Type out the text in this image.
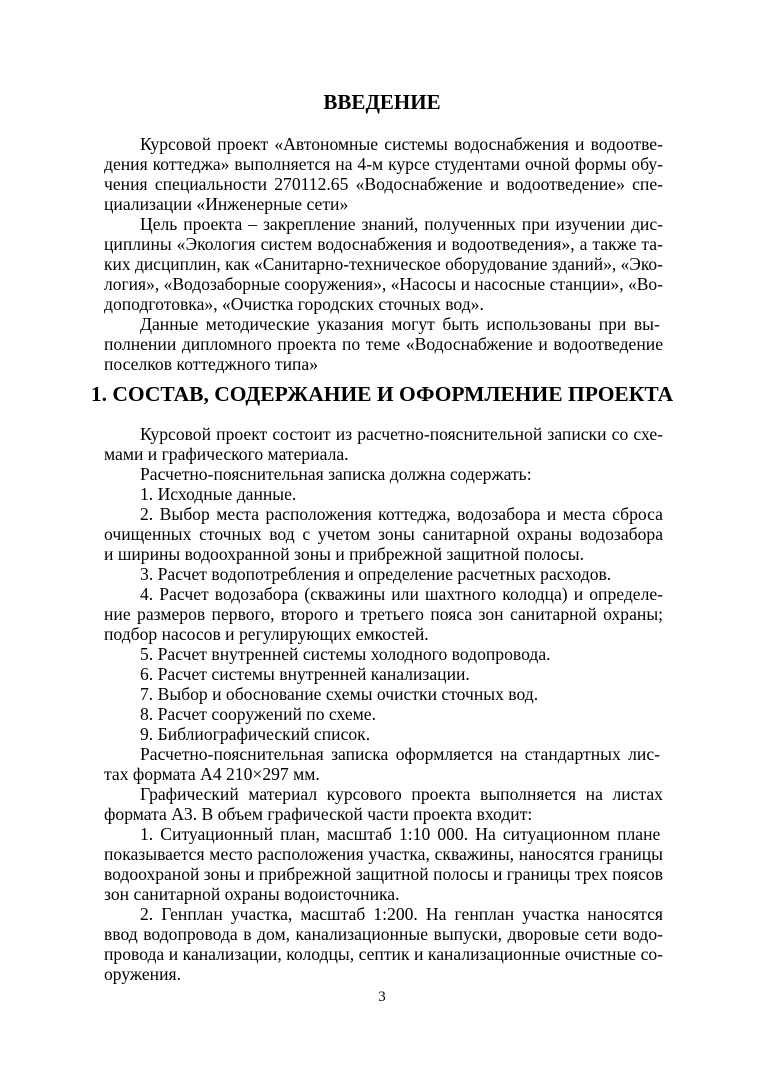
ВВЕДЕНИЕ
Курсовой проект «Автономные системы водоснабжения и водоотве-
дения коттеджа» выполняется на 4-м курсе студентами очной формы обу-
чения специальности 270112.65 «Водоснабжение и водоотведение» спе-
циализации «Инженерные сети»
Цель проекта – закрепление знаний, полученных при изучении дис-
циплины «Экология систем водоснабжения и водоотведения», а также та-
ких дисциплин, как «Санитарно-техническое оборудование зданий», «Эко-
логия», «Водозаборные сооружения», «Насосы и насосные станции», «Во-
доподготовка», «Очистка городских сточных вод».
Данные методические указания могут быть использованы при вы-
полнении дипломного проекта по теме «Водоснабжение и водоотведение
поселков коттеджного типа»
1. СОСТАВ, СОДЕРЖАНИЕ И ОФОРМЛЕНИЕ ПРОЕКТА
Курсовой проект состоит из расчетно-пояснительной записки со схе-
мами и графического материала.
Расчетно-пояснительная записка должна содержать:
1. Исходные данные.
2. Выбор места расположения коттеджа, водозабора и места сброса
очищенных сточных вод с учетом зоны санитарной охраны водозабора
и ширины водоохранной зоны и прибрежной защитной полосы.
3. Расчет водопотребления и определение расчетных расходов.
4. Расчет водозабора (скважины или шахтного колодца) и определе-
ние размеров первого, второго и третьего пояса зон санитарной охраны;
подбор насосов и регулирующих емкостей.
5. Расчет внутренней системы холодного водопровода.
6. Расчет системы внутренней канализации.
7. Выбор и обоснование схемы очистки сточных вод.
8. Расчет сооружений по схеме.
9. Библиографический список.
Расчетно-пояснительная записка оформляется на стандартных лис-
тах формата А4 210×297 мм.
Графический материал курсового проекта выполняется на листах
формата А3. В объем графической части проекта входит:
1. Ситуационный план, масштаб 1:10 000. На ситуационном плане
показывается место расположения участка, скважины, наносятся границы
водоохраной зоны и прибрежной защитной полосы и границы трех поясов
зон санитарной охраны водоисточника.
2. Генплан участка, масштаб 1:200. На генплан участка наносятся
ввод водопровода в дом, канализационные выпуски, дворовые сети водо-
провода и канализации, колодцы, септик и канализационные очистные со-
оружения.
3
